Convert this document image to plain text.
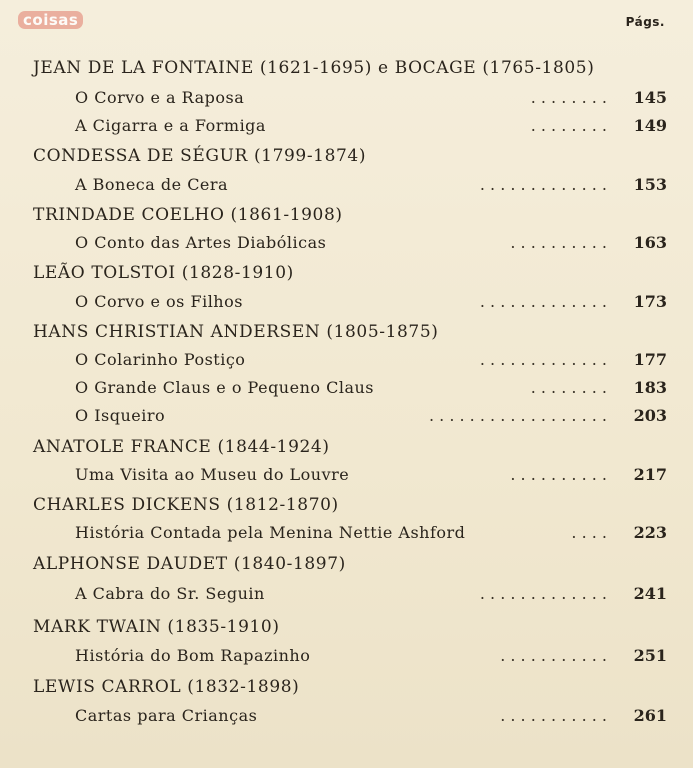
coisas	Págs.
JEAN DE LA FONTAINE (1621-1695) e BOCAGE (1765-1805)
O Corvo e a Raposa	. . . . . . . .	145
A Cigarra e a Formiga	. . . . . . . .	149
CONDESSA DE SÉGUR (1799-1874)
A Boneca de Cera	. . . . . . . . . . . . .	153
TRINDADE COELHO (1861-1908)
O Conto das Artes Diabólicas	. . . . . . . . . .	163
LEÃO TOLSTOI (1828-1910)
O Corvo e os Filhos	. . . . . . . . . . . . .	173
HANS CHRISTIAN ANDERSEN (1805-1875)
O Colarinho Postiço	. . . . . . . . . . . . .	177
O Grande Claus e o Pequeno Claus	. . . . . . . .	183
O Isqueiro	. . . . . . . . . . . . . . . . . .	203
ANATOLE FRANCE (1844-1924)
Uma Visita ao Museu do Louvre	. . . . . . . . . .	217
CHARLES DICKENS (1812-1870)
História Contada pela Menina Nettie Ashford	. . . .	223
ALPHONSE DAUDET (1840-1897)
A Cabra do Sr. Seguin	. . . . . . . . . . . . .	241
MARK TWAIN (1835-1910)
História do Bom Rapazinho	. . . . . . . . . . .	251
LEWIS CARROL (1832-1898)
Cartas para Crianças	. . . . . . . . . . .	261
